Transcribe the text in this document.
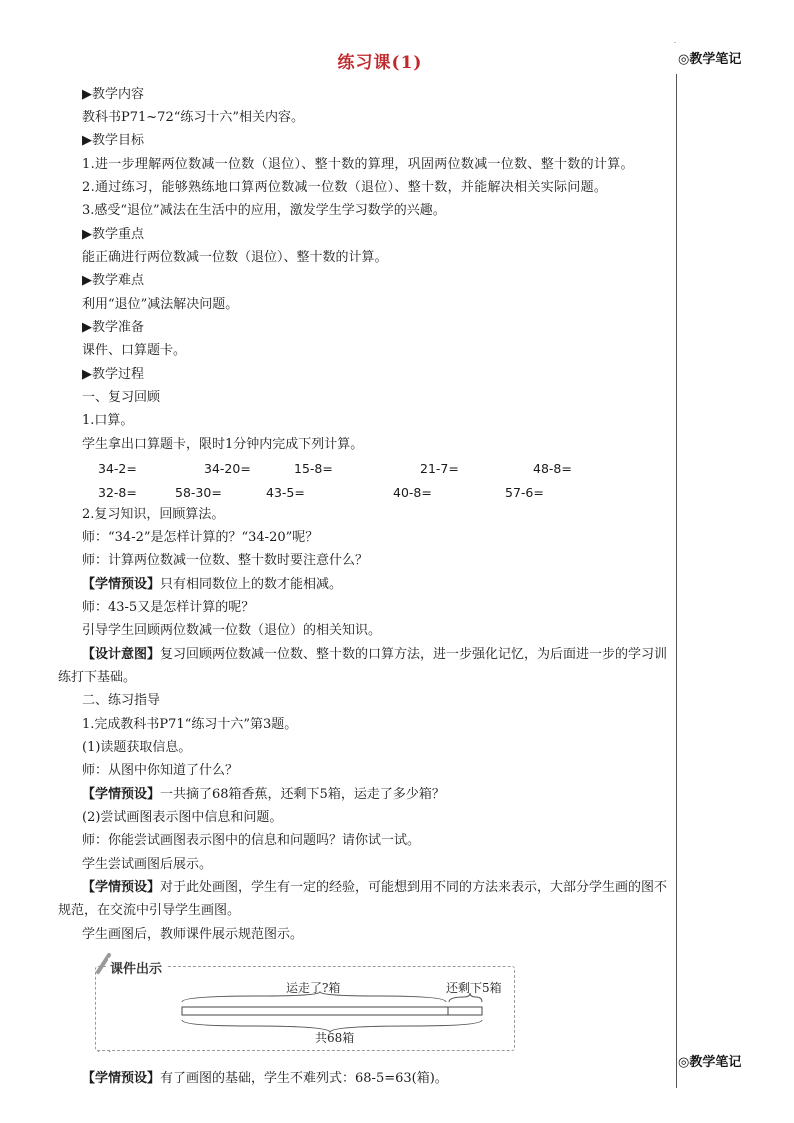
练习课(1)
·
◎教学笔记
◎教学笔记
▶教学内容
教科书P71~72“练习十六”相关内容。
▶教学目标
1.进一步理解两位数减一位数（退位）、整十数的算理，巩固两位数减一位数、整十数的计算。
2.通过练习，能够熟练地口算两位数减一位数（退位）、整十数，并能解决相关实际问题。
3.感受“退位”减法在生活中的应用，激发学生学习数学的兴趣。
▶教学重点
能正确进行两位数减一位数（退位）、整十数的计算。
▶教学难点
利用“退位”减法解决问题。
▶教学准备
课件、口算题卡。
▶教学过程
一、复习回顾
1.口算。
学生拿出口算题卡，限时1分钟内完成下列计算。
34-2=	34-20=	15-8=	21-7=	48-8=
32-8=	58-30=	43-5=	40-8=	57-6=
2.复习知识，回顾算法。
师：“34-2”是怎样计算的？“34-20”呢？
师：计算两位数减一位数、整十数时要注意什么？
【学情预设】只有相同数位上的数才能相减。
师：43-5又是怎样计算的呢？
引导学生回顾两位数减一位数（退位）的相关知识。
【设计意图】复习回顾两位数减一位数、整十数的口算方法，进一步强化记忆，为后面进一步的学习训练打下基础。
二、练习指导
1.完成教科书P71“练习十六”第3题。
(1)读题获取信息。
师：从图中你知道了什么？
【学情预设】一共摘了68箱香蕉，还剩下5箱，运走了多少箱？
(2)尝试画图表示图中信息和问题。
师：你能尝试画图表示图中的信息和问题吗？请你试一试。
学生尝试画图后展示。
【学情预设】对于此处画图，学生有一定的经验，可能想到用不同的方法来表示，大部分学生画的图不规范，在交流中引导学生画图。
学生画图后，教师课件展示规范图示。
课件出示
运走了?箱	还剩下5箱
共68箱
【学情预设】有了画图的基础，学生不难列式：68-5=63(箱)。
